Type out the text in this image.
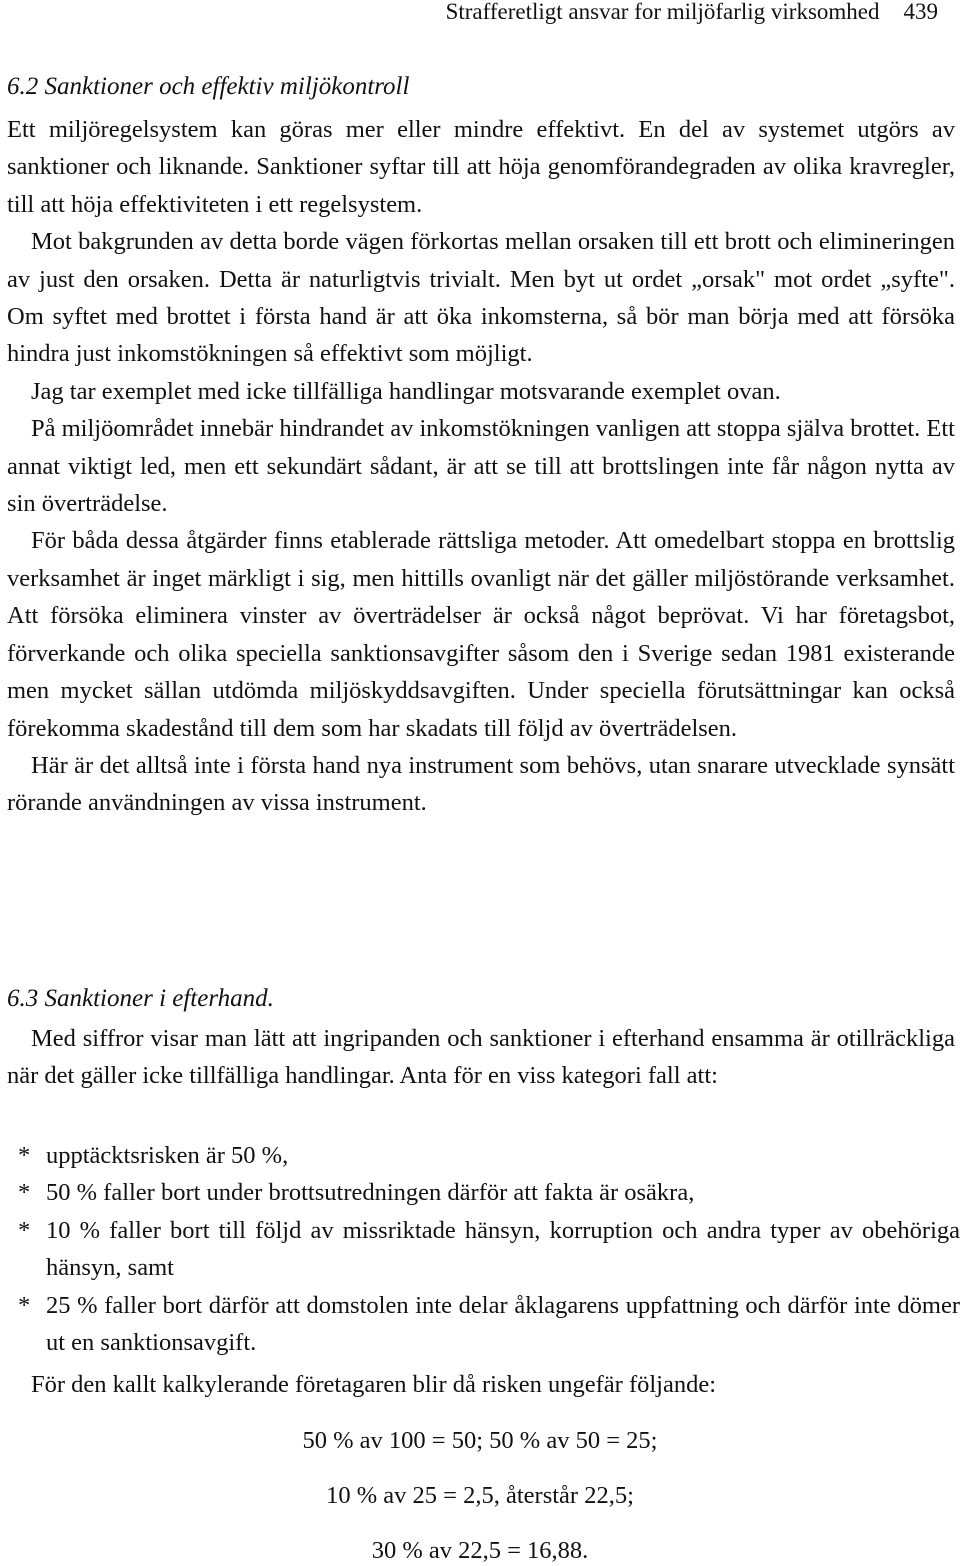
Strafferetligt ansvar for miljöfarlig virksomhed 439
6.2 Sanktioner och effektiv miljökontroll

Ett miljöregelsystem kan göras mer eller mindre effektivt. En del av systemet utgörs av sanktioner och liknande. Sanktioner syftar till att höja genomförandegraden av olika kravregler, till att höja effektiviteten i ett regelsystem.

Mot bakgrunden av detta borde vägen förkortas mellan orsaken till ett brott och elimineringen av just den orsaken. Detta är naturligtvis trivialt. Men byt ut ordet „orsak" mot ordet „syfte". Om syftet med brottet i första hand är att öka inkomsterna, så bör man börja med att försöka hindra just inkomstökningen så effektivt som möjligt.

Jag tar exemplet med icke tillfälliga handlingar motsvarande exemplet ovan.

På miljöområdet innebär hindrandet av inkomstökningen vanligen att stoppa själva brottet. Ett annat viktigt led, men ett sekundärt sådant, är att se till att brottslingen inte får någon nytta av sin överträdelse.

För båda dessa åtgärder finns etablerade rättsliga metoder. Att omedelbart stoppa en brottslig verksamhet är inget märkligt i sig, men hittills ovanligt när det gäller miljöstörande verksamhet. Att försöka eliminera vinster av överträdelser är också något beprövat. Vi har företagsbot, förverkande och olika speciella sanktionsavgifter såsom den i Sverige sedan 1981 existerande men mycket sällan utdömda miljöskyddsavgiften. Under speciella förutsättningar kan också förekomma skadestånd till dem som har skadats till följd av överträdelsen.

Här är det alltså inte i första hand nya instrument som behövs, utan snarare utvecklade synsätt rörande användningen av vissa instrument.

6.3 Sanktioner i efterhand.

Med siffror visar man lätt att ingripanden och sanktioner i efterhand ensamma är otillräckliga när det gäller icke tillfälliga handlingar. Anta för en viss kategori fall att:

* upptäcktsrisken är 50 %,
* 50 % faller bort under brottsutredningen därför att fakta är osäkra,
* 10 % faller bort till följd av missriktade hänsyn, korruption och andra typer av obehöriga hänsyn, samt
* 25 % faller bort därför att domstolen inte delar åklagarens uppfattning och därför inte dömer ut en sanktionsavgift.
För den kallt kalkylerande företagaren blir då risken ungefär följande:
50 % av 100 = 50; 50 % av 50 = 25;
10 % av 25 = 2,5, återstår 22,5;
30 % av 22,5 = 16,88.
